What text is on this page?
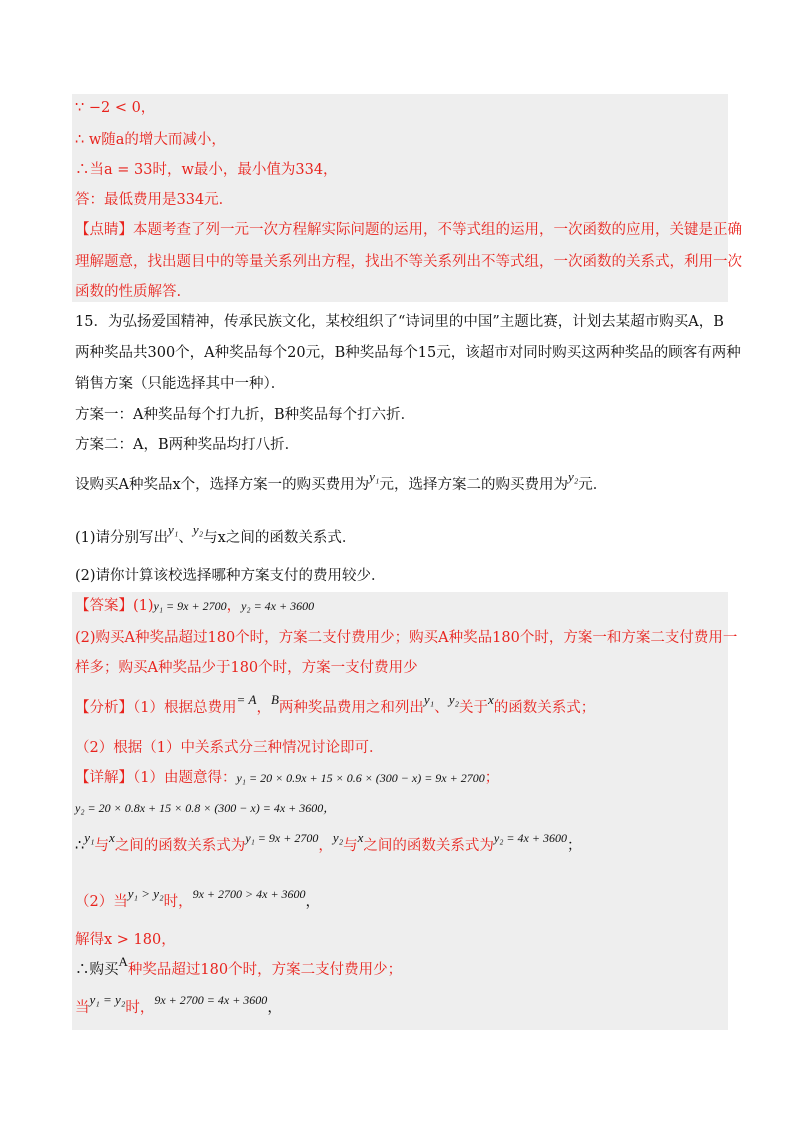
∵ −2 < 0，
∴ w随a的增大而减小，
∴当a = 33时，w最小，最小值为334，
答：最低费用是334元．
【点睛】本题考查了列一元一次方程解实际问题的运用，不等式组的运用，一次函数的应用，关键是正确
理解题意，找出题目中的等量关系列出方程，找出不等关系列出不等式组，一次函数的关系式，利用一次
函数的性质解答.
15．为弘扬爱国精神，传承民族文化，某校组织了“诗词里的中国”主题比赛，计划去某超市购买A，B
两种奖品共300个，A种奖品每个20元，B种奖品每个15元，该超市对同时购买这两种奖品的顾客有两种
销售方案（只能选择其中一种）．
方案一：A种奖品每个打九折，B种奖品每个打六折．
方案二：A，B两种奖品均打八折．
设购买A种奖品x个，选择方案一的购买费用为y₁元，选择方案二的购买费用为y₂元．
(1)请分别写出y₁、y₂与x之间的函数关系式．
(2)请你计算该校选择哪种方案支付的费用较少．
【答案】(1)y₁ = 9x + 2700，y₂ = 4x + 3600
(2)购买A种奖品超过180个时，方案二支付费用少；购买A种奖品180个时，方案一和方案二支付费用一
样多；购买A种奖品少于180个时，方案一支付费用少
【分析】（1）根据总费用= A，B两种奖品费用之和列出y₁、y₂关于x的函数关系式；
（2）根据（1）中关系式分三种情况讨论即可．
【详解】（1）由题意得：y₁ = 20 × 0.9x + 15 × 0.6 × (300 − x) = 9x + 2700；
y₂ = 20 × 0.8x + 15 × 0.8 × (300 − x) = 4x + 3600，
∴y₁与x之间的函数关系式为$^{y_1 = 9x + 2700}$，y₂与x之间的函数关系式为$^{y_2 = 4x + 3600}$；
（2）当y₁ > y₂时，$^{9x + 2700 > 4x + 3600}$，
解得x > 180，
∴购买A种奖品超过180个时，方案二支付费用少；
当y₁ = y₂时，$^{9x + 2700 = 4x + 3600}$，
